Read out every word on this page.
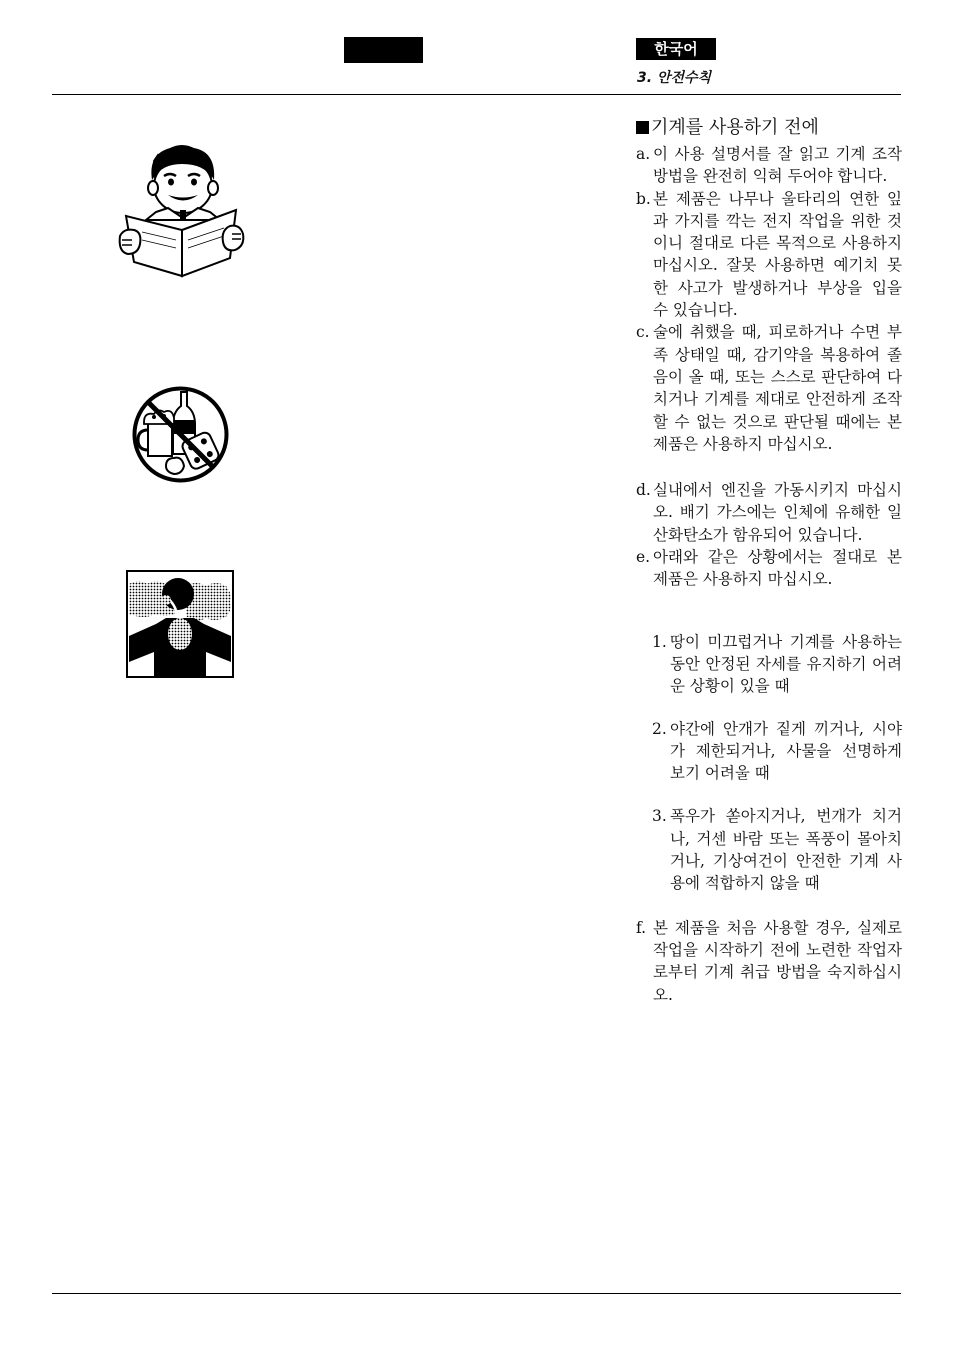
한국어
3. 안전수칙
기계를 사용하기 전에
a. 이 사용 설명서를 잘 읽고 기계 조작 방법을 완전히 익혀 두어야 합니다.
b. 본 제품은 나무나 울타리의 연한 잎과 가지를 깍는 전지 작업을 위한 것이니 절대로 다른 목적으로 사용하지 마십시오. 잘못 사용하면 예기치 못한 사고가 발생하거나 부상을 입을 수 있습니다.
c. 술에 취했을 때, 피로하거나 수면 부족 상태일 때, 감기약을 복용하여 졸음이 올 때, 또는 스스로 판단하여 다치거나 기계를 제대로 안전하게 조작할 수 없는 것으로 판단될 때에는 본 제품은 사용하지 마십시오.
d. 실내에서 엔진을 가동시키지 마십시오. 배기 가스에는 인체에 유해한 일산화탄소가 함유되어 있습니다.
e. 아래와 같은 상황에서는 절대로 본 제품은 사용하지 마십시오.
1. 땅이 미끄럽거나 기계를 사용하는 동안 안정된 자세를 유지하기 어려운 상황이 있을 때
2. 야간에 안개가 짙게 끼거나, 시야가 제한되거나, 사물을 선명하게 보기 어려울 때
3. 폭우가 쏟아지거나, 번개가 치거나, 거센 바람 또는 폭풍이 몰아치거나, 기상여건이 안전한 기계 사용에 적합하지 않을 때
f. 본 제품을 처음 사용할 경우, 실제로 작업을 시작하기 전에 노련한 작업자로부터 기계 취급 방법을 숙지하십시오.
